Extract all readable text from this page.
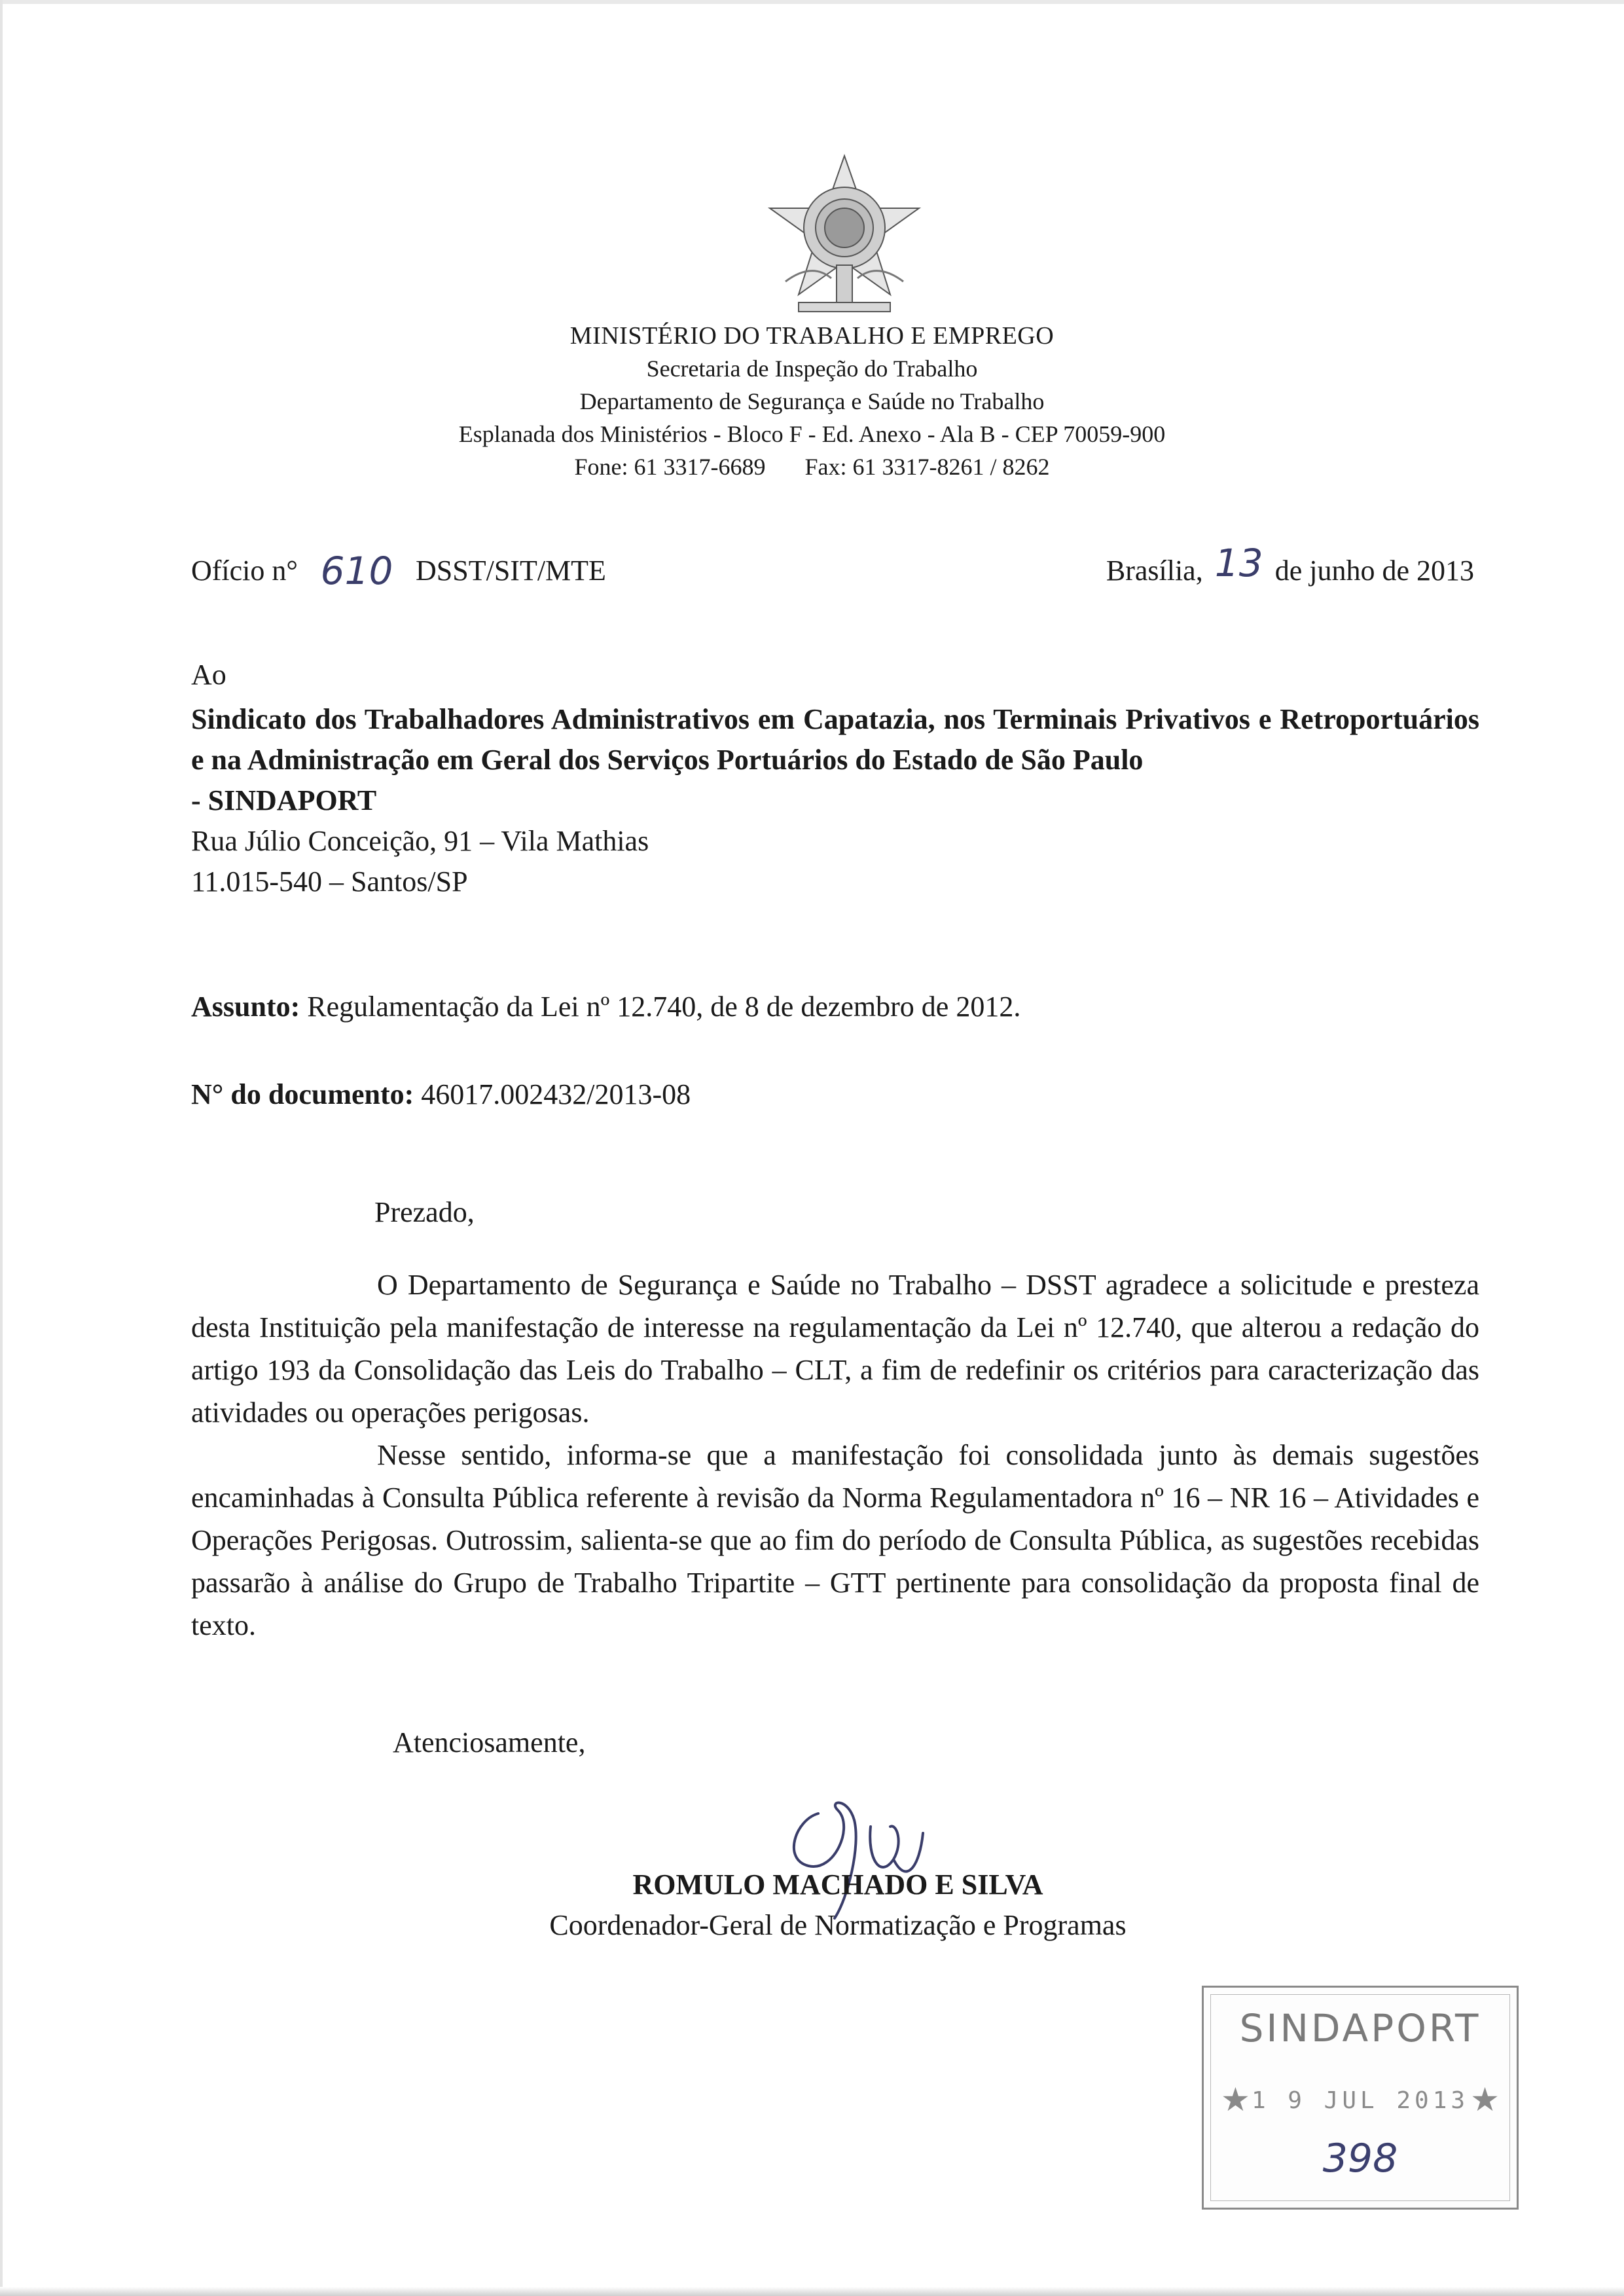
MINISTÉRIO DO TRABALHO E EMPREGO
Secretaria de Inspeção do Trabalho
Departamento de Segurança e Saúde no Trabalho
Esplanada dos Ministérios - Bloco F - Ed. Anexo - Ala B - CEP 70059-900
Fone: 61 3317-6689 Fax: 61 3317-8261 / 8262
Ofício n° 610 DSST/SIT/MTE	Brasília, 13 de junho de 2013
Ao
Sindicato dos Trabalhadores Administrativos em Capatazia, nos Terminais Privativos e Retroportuários e na Administração em Geral dos Serviços Portuários do Estado de São Paulo
- SINDAPORT
Rua Júlio Conceição, 91 – Vila Mathias
11.015-540 – Santos/SP
Assunto: Regulamentação da Lei nº 12.740, de 8 de dezembro de 2012.
N° do documento: 46017.002432/2013-08
Prezado,

O Departamento de Segurança e Saúde no Trabalho – DSST agradece a solicitude e presteza desta Instituição pela manifestação de interesse na regulamentação da Lei nº 12.740, que alterou a redação do artigo 193 da Consolidação das Leis do Trabalho – CLT, a fim de redefinir os critérios para caracterização das atividades ou operações perigosas.

Nesse sentido, informa-se que a manifestação foi consolidada junto às demais sugestões encaminhadas à Consulta Pública referente à revisão da Norma Regulamentadora nº 16 – NR 16 – Atividades e Operações Perigosas. Outrossim, salienta-se que ao fim do período de Consulta Pública, as sugestões recebidas passarão à análise do Grupo de Trabalho Tripartite – GTT pertinente para consolidação da proposta final de texto.

Atenciosamente,
ROMULO MACHADO E SILVA
Coordenador-Geral de Normatização e Programas
SINDAPORT
★ 1 9 JUL 2013 ★
398
